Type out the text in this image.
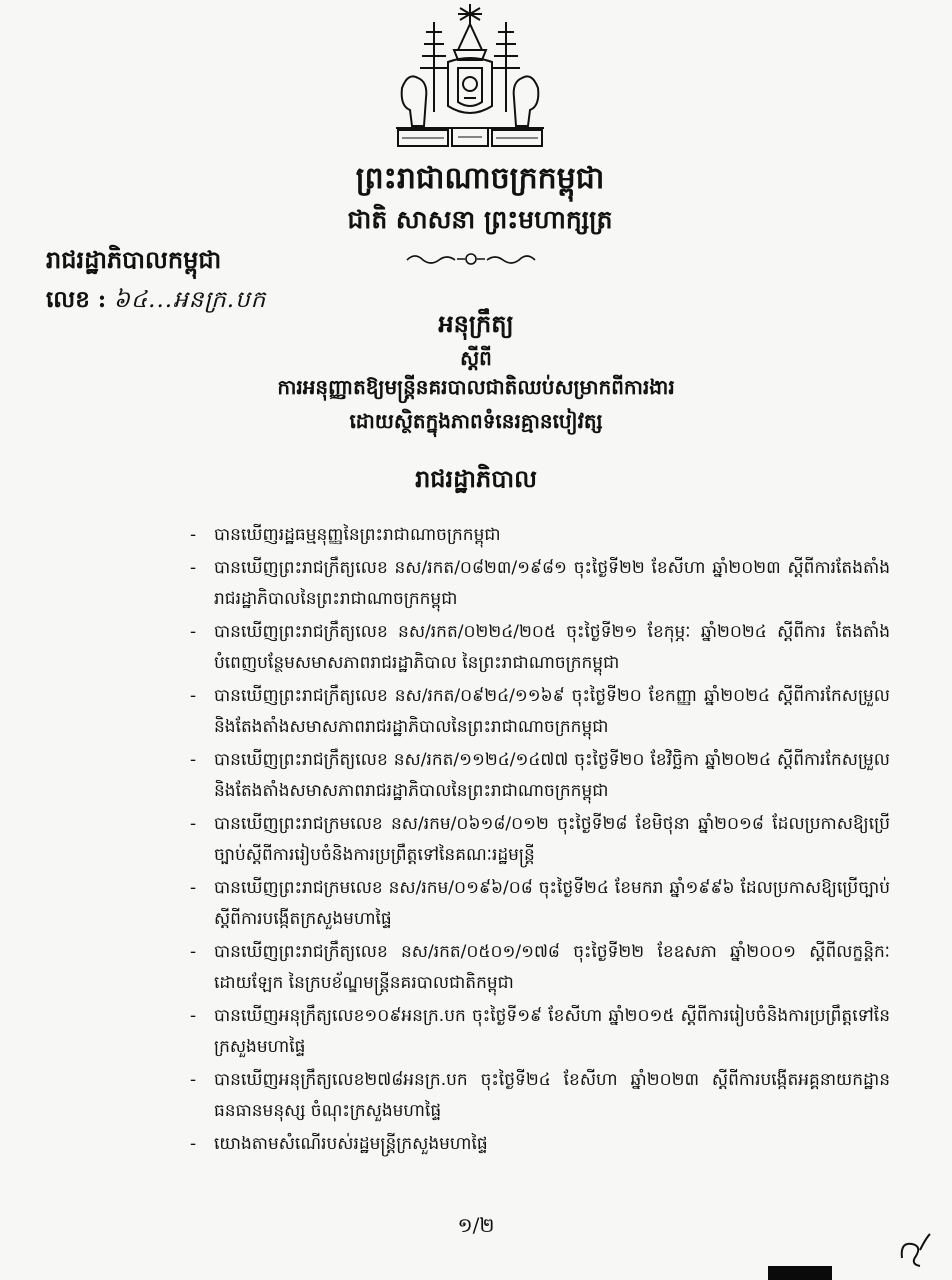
ព្រះរាជាណាចក្រកម្ពុជា
ជាតិ សាសនា ព្រះមហាក្សត្រ
រាជរដ្ឋាភិបាលកម្ពុជា
លេខ : ៦៤...អនក្រ.បក
អនុក្រឹត្យ
ស្តីពី
ការអនុញ្ញាតឱ្យមន្ត្រីនគរបាលជាតិឈប់សម្រាកពីការងារ
ដោយស្ថិតក្នុងភាពទំនេរគ្មានបៀវត្ស
រាជរដ្ឋាភិបាល
- បានឃើញរដ្ឋធម្មនុញ្ញនៃព្រះរាជាណាចក្រកម្ពុជា
- បានឃើញព្រះរាជក្រឹត្យលេខ នស/រកត/០៨២៣/១៩៨១ ចុះថ្ងៃទី២២ ខែសីហា ឆ្នាំ២០២៣ ស្តីពីការតែងតាំងរាជរដ្ឋាភិបាលនៃព្រះរាជាណាចក្រកម្ពុជា
- បានឃើញព្រះរាជក្រឹត្យលេខ នស/រកត/០២២៤/២០៥ ចុះថ្ងៃទី២១ ខែកុម្ភៈ ឆ្នាំ២០២៤ ស្តីពីការ តែងតាំងបំពេញបន្ថែមសមាសភាពរាជរដ្ឋាភិបាល នៃព្រះរាជាណាចក្រកម្ពុជា
- បានឃើញព្រះរាជក្រឹត្យលេខ នស/រកត/០៩២៤/១១៦៩ ចុះថ្ងៃទី២០ ខែកញ្ញា ឆ្នាំ២០២៤ ស្តីពីការកែសម្រួលនិងតែងតាំងសមាសភាពរាជរដ្ឋាភិបាលនៃព្រះរាជាណាចក្រកម្ពុជា
- បានឃើញព្រះរាជក្រឹត្យលេខ នស/រកត/១១២៤/១៤៧៧ ចុះថ្ងៃទី២០ ខែវិច្ឆិកា ឆ្នាំ២០២៤ ស្តីពីការកែសម្រួលនិងតែងតាំងសមាសភាពរាជរដ្ឋាភិបាលនៃព្រះរាជាណាចក្រកម្ពុជា
- បានឃើញព្រះរាជក្រមលេខ នស/រកម/០៦១៨/០១២ ចុះថ្ងៃទី២៨ ខែមិថុនា ឆ្នាំ២០១៨ ដែលប្រកាសឱ្យប្រើច្បាប់ស្តីពីការរៀបចំនិងការប្រព្រឹត្តទៅនៃគណៈរដ្ឋមន្ត្រី
- បានឃើញព្រះរាជក្រមលេខ នស/រកម/០១៩៦/០៨ ចុះថ្ងៃទី២៤ ខែមករា ឆ្នាំ១៩៩៦ ដែលប្រកាសឱ្យប្រើច្បាប់ស្តីពីការបង្កើតក្រសួងមហាផ្ទៃ
- បានឃើញព្រះរាជក្រឹត្យលេខ នស/រកត/០៥០១/១៧៨ ចុះថ្ងៃទី២២ ខែឧសភា ឆ្នាំ២០០១ ស្តីពីលក្ខន្តិកៈដោយឡែក នៃក្របខ័ណ្ឌមន្ត្រីនគរបាលជាតិកម្ពុជា
- បានឃើញអនុក្រឹត្យលេខ១០៩អនក្រ.បក ចុះថ្ងៃទី១៩ ខែសីហា ឆ្នាំ២០១៥ ស្តីពីការរៀបចំនិងការប្រព្រឹត្តទៅនៃក្រសួងមហាផ្ទៃ
- បានឃើញអនុក្រឹត្យលេខ២៧៨អនក្រ.បក ចុះថ្ងៃទី២៤ ខែសីហា ឆ្នាំ២០២៣ ស្តីពីការបង្កើតអគ្គនាយកដ្ឋានធនធានមនុស្ស ចំណុះក្រសួងមហាផ្ទៃ
- យោងតាមសំណើរបស់រដ្ឋមន្ត្រីក្រសួងមហាផ្ទៃ
១/២
